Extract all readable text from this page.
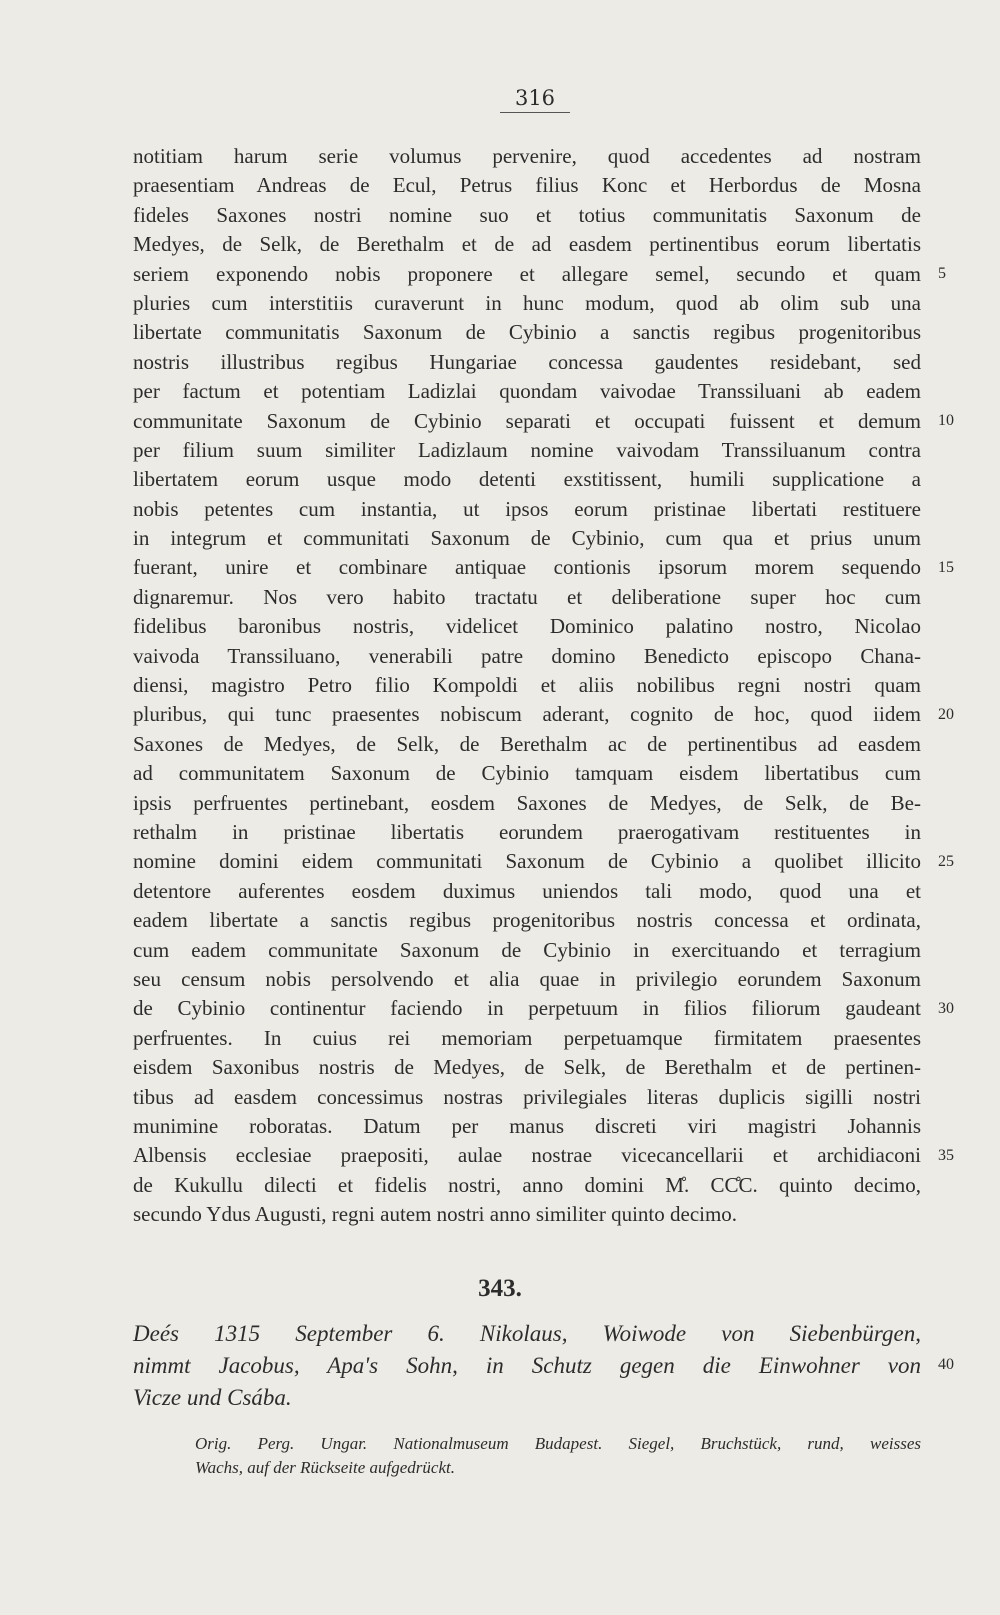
316
notitiam harum serie volumus pervenire, quod accedentes ad nostram
praesentiam Andreas de Ecul, Petrus filius Konc et Herbordus de Mosna
fideles Saxones nostri nomine suo et totius communitatis Saxonum de
Medyes, de Selk, de Berethalm et de ad easdem pertinentibus eorum libertatis
seriem exponendo nobis proponere et allegare semel, secundo et quam
pluries cum interstitiis curaverunt in hunc modum, quod ab olim sub una
libertate communitatis Saxonum de Cybinio a sanctis regibus progenitoribus
nostris illustribus regibus Hungariae concessa gaudentes residebant, sed
per factum et potentiam Ladizlai quondam vaivodae Transsiluani ab eadem
communitate Saxonum de Cybinio separati et occupati fuissent et demum
per filium suum similiter Ladizlaum nomine vaivodam Transsiluanum contra
libertatem eorum usque modo detenti exstitissent, humili supplicatione a
nobis petentes cum instantia, ut ipsos eorum pristinae libertati restituere
in integrum et communitati Saxonum de Cybinio, cum qua et prius unum
fuerant, unire et combinare antiquae contionis ipsorum morem sequendo
dignaremur. Nos vero habito tractatu et deliberatione super hoc cum
fidelibus baronibus nostris, videlicet Dominico palatino nostro, Nicolao
vaivoda Transsiluano, venerabili patre domino Benedicto episcopo Chana-
diensi, magistro Petro filio Kompoldi et aliis nobilibus regni nostri quam
pluribus, qui tunc praesentes nobiscum aderant, cognito de hoc, quod iidem
Saxones de Medyes, de Selk, de Berethalm ac de pertinentibus ad easdem
ad communitatem Saxonum de Cybinio tamquam eisdem libertatibus cum
ipsis perfruentes pertinebant, eosdem Saxones de Medyes, de Selk, de Be-
rethalm in pristinae libertatis eorundem praerogativam restituentes in
nomine domini eidem communitati Saxonum de Cybinio a quolibet illicito
detentore auferentes eosdem duximus uniendos tali modo, quod una et
eadem libertate a sanctis regibus progenitoribus nostris concessa et ordinata,
cum eadem communitate Saxonum de Cybinio in exercituando et terragium
seu censum nobis persolvendo et alia quae in privilegio eorundem Saxonum
de Cybinio continentur faciendo in perpetuum in filios filiorum gaudeant
perfruentes. In cuius rei memoriam perpetuamque firmitatem praesentes
eisdem Saxonibus nostris de Medyes, de Selk, de Berethalm et de pertinen-
tibus ad easdem concessimus nostras privilegiales literas duplicis sigilli nostri
munimine roboratas. Datum per manus discreti viri magistri Johannis
Albensis ecclesiae praepositi, aulae nostrae vicecancellarii et archidiaconi
de Kukullu dilecti et fidelis nostri, anno domini M̊. CC̊C. quinto decimo,
secundo Ydus Augusti, regni autem nostri anno similiter quinto decimo.
5
10
15
20
25
30
35
343.
Deés 1315 September 6. Nikolaus, Woiwode von Siebenbürgen,
nimmt Jacobus, Apa's Sohn, in Schutz gegen die Einwohner von
Vicze und Csába.
40
Orig. Perg. Ungar. Nationalmuseum Budapest. Siegel, Bruchstück, rund, weisses
Wachs, auf der Rückseite aufgedrückt.
